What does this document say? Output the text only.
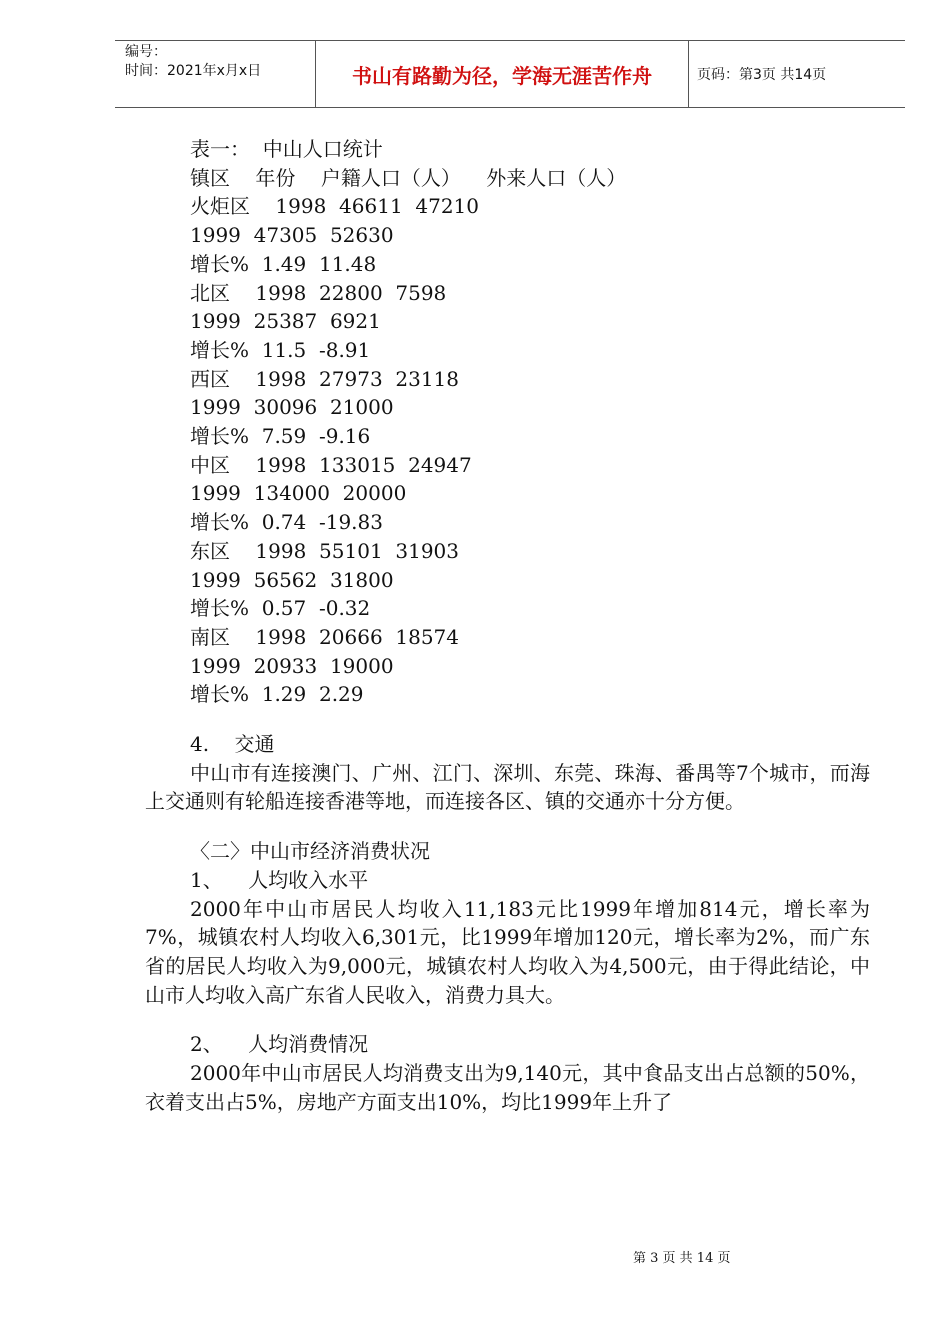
编号：
时间：2021年x月x日	书山有路勤为径，学海无涯苦作舟	页码：第3页 共14页
表一：  中山人口统计
镇区    年份    户籍人口（人）    外来人口（人）
火炬区    1998  46611  47210
1999  47305  52630
增长%  1.49  11.48
北区    1998  22800  7598
1999  25387  6921
增长%  11.5  -8.91
西区    1998  27973  23118
1999  30096  21000
增长%  7.59  -9.16
中区    1998  133015  24947
1999  134000  20000
增长%  0.74  -19.83
东区    1998  55101  31903
1999  56562  31800
增长%  0.57  -0.32
南区    1998  20666  18574
1999  20933  19000
增长%  1.29  2.29
4.    交通

中山市有连接澳门、广州、江门、深圳、东莞、珠海、番禺等7个城市，而海上交通则有轮船连接香港等地，而连接各区、镇的交通亦十分方便。

〈二〉中山市经济消费状况
1、    人均收入水平

2000年中山市居民人均收入11,183元比1999年增加814元，增长率为7%，城镇农村人均收入6,301元，比1999年增加120元，增长率为2%，而广东省的居民人均收入为9,000元，城镇农村人均收入为4,500元，由于得此结论，中山市人均收入高广东省人民收入，消费力具大。

2、    人均消费情况

2000年中山市居民人均消费支出为9,140元，其中食品支出占总额的50%，衣着支出占5%，房地产方面支出10%，均比1999年上升了

第 3 页 共 14 页
